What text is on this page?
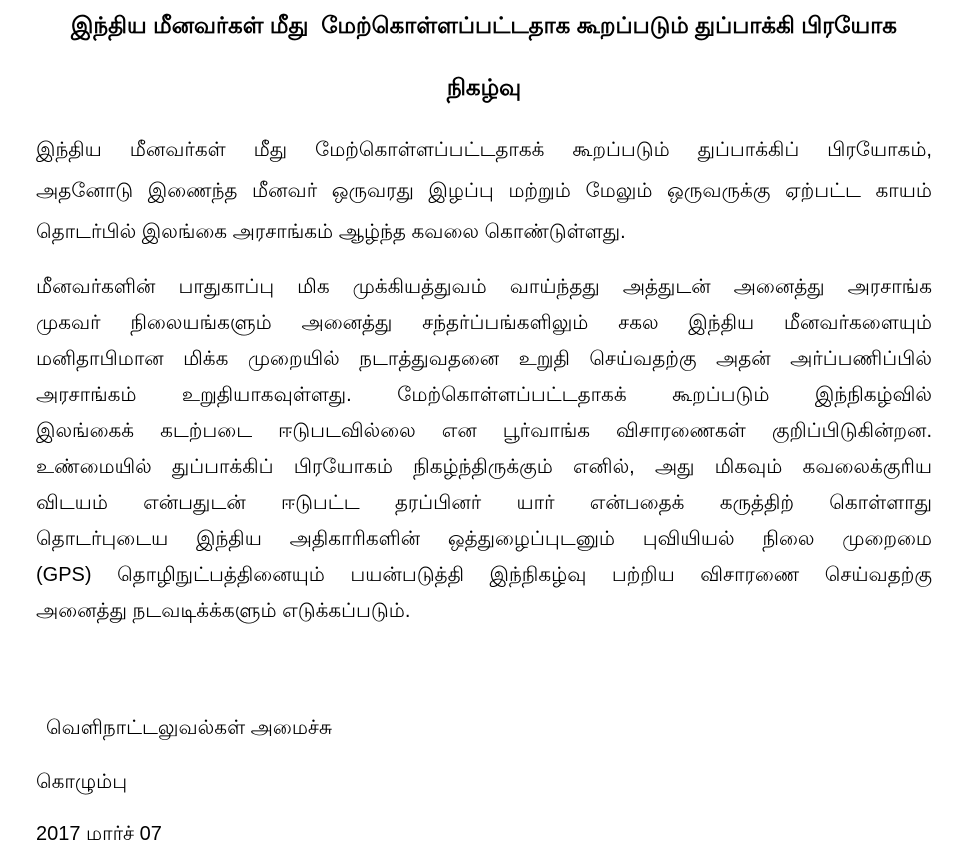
இந்திய மீனவர்கள் மீது  மேற்கொள்ளப்பட்டதாக கூறப்படும் துப்பாக்கி பிரயோக
நிகழ்வு
இந்திய மீனவர்கள் மீது மேற்கொள்ளப்பட்டதாகக் கூறப்படும் துப்பாக்கிப் பிரயோகம்,
அதனோடு இணைந்த மீனவர் ஒருவரது இழப்பு மற்றும் மேலும் ஒருவருக்கு ஏற்பட்ட காயம்
தொடர்பில் இலங்கை அரசாங்கம் ஆழ்ந்த கவலை கொண்டுள்ளது.
மீனவர்களின் பாதுகாப்பு மிக முக்கியத்துவம் வாய்ந்தது அத்துடன் அனைத்து அரசாங்க
முகவர் நிலையங்களும் அனைத்து சந்தர்ப்பங்களிலும் சகல இந்திய மீனவர்களையும்
மனிதாபிமான மிக்க முறையில் நடாத்துவதனை உறுதி செய்வதற்கு அதன் அர்ப்பணிப்பில்
அரசாங்கம் உறுதியாகவுள்ளது. மேற்கொள்ளப்பட்டதாகக் கூறப்படும் இந்நிகழ்வில்
இலங்கைக் கடற்படை ஈடுபடவில்லை என பூர்வாங்க விசாரணைகள் குறிப்பிடுகின்றன.
உண்மையில் துப்பாக்கிப் பிரயோகம் நிகழ்ந்திருக்கும் எனில், அது மிகவும் கவலைக்குரிய
விடயம் என்பதுடன் ஈடுபட்ட தரப்பினர் யார் என்பதைக் கருத்திற் கொள்ளாது
தொடர்புடைய இந்திய அதிகாரிகளின் ஒத்துழைப்புடனும் புவியியல் நிலை முறைமை
(GPS) தொழிநுட்பத்தினையும் பயன்படுத்தி இந்நிகழ்வு பற்றிய விசாரணை செய்வதற்கு
அனைத்து நடவடிக்க்களும் எடுக்கப்படும்.
வெளிநாட்டலுவல்கள் அமைச்சு
கொழும்பு
2017 மார்ச் 07
